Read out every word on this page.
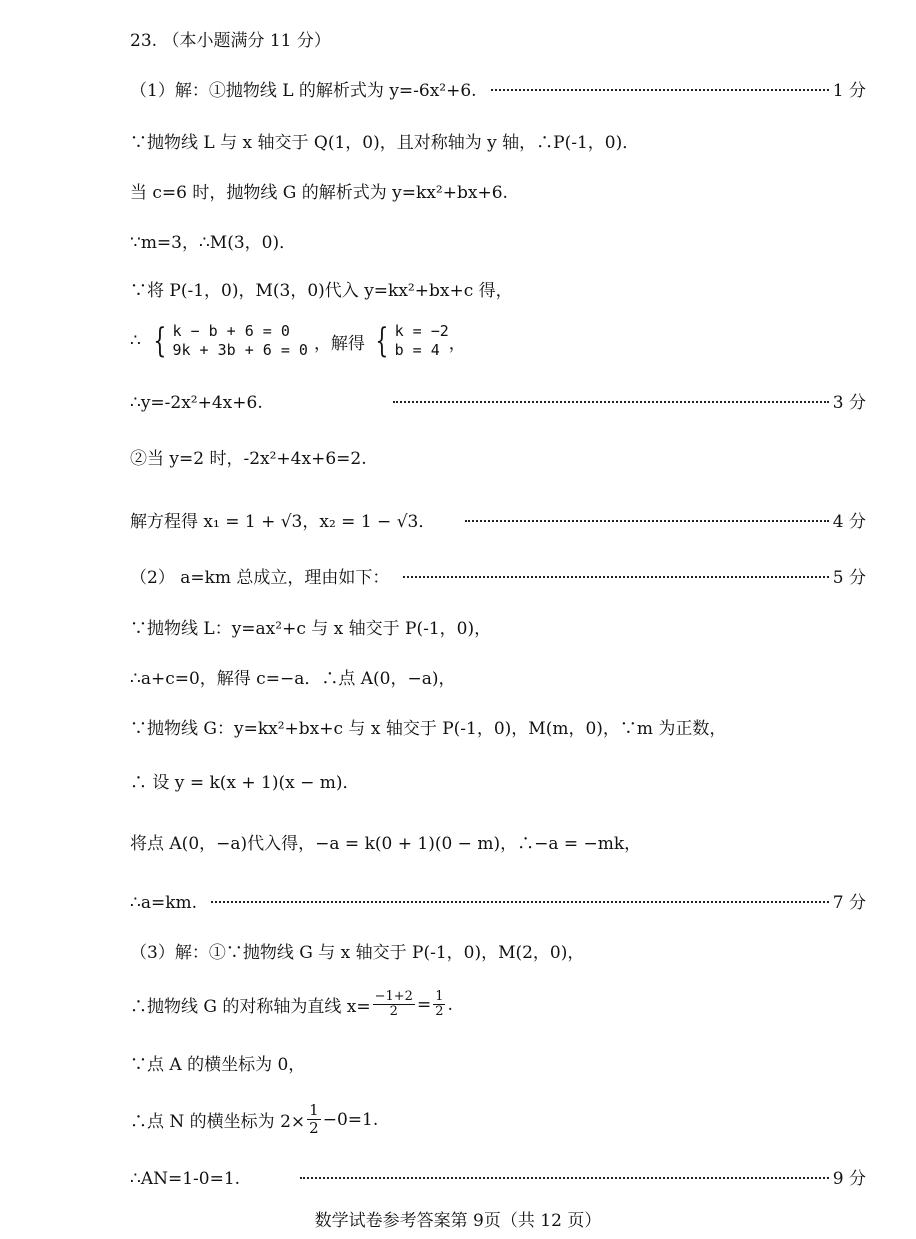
23. （本小题满分 11 分）
（1）解：①抛物线 L 的解析式为 y=-6x²+6.	1 分
∵抛物线 L 与 x 轴交于 Q(1，0)，且对称轴为 y 轴，∴P(-1，0)．
当 c=6 时，抛物线 G 的解析式为 y=kx²+bx+6.
∵m=3，∴M(3，0)．
∵将 P(-1，0)，M(3，0)代入 y=kx²+bx+c 得，
∴ { k − b + 6 = 0
9k + 3b + 6 = 0 ，解得 { k = −2
b = 4 ，
∴y=-2x²+4x+6.	3 分
②当 y=2 时，-2x²+4x+6=2.
解方程得 x₁ = 1 + √3，x₂ = 1 − √3．	4 分
（2） a=km 总成立，理由如下：	5 分
∵抛物线 L：y=ax²+c 与 x 轴交于 P(-1，0)，
∴a+c=0，解得 c=−a．∴点 A(0，−a)，
∵抛物线 G：y=kx²+bx+c 与 x 轴交于 P(-1，0)，M(m，0)，∵m 为正数，
∴ 设 y = k(x + 1)(x − m)．
将点 A(0，−a)代入得，−a = k(0 + 1)(0 − m)，∴−a = −mk，
∴a=km.	7 分
（3）解：①∵抛物线 G 与 x 轴交于 P(-1，0)，M(2，0)，
∴抛物线 G 的对称轴为直线 $x= \frac{-1+2}{2} = \frac{1}{2}$ .
∵点 A 的横坐标为 0，
∴点 N 的横坐标为 $2\times \frac{1}{2} -0=1$.
∴AN=1-0=1.	9 分
数学试卷参考答案第 9页（共 12 页）
